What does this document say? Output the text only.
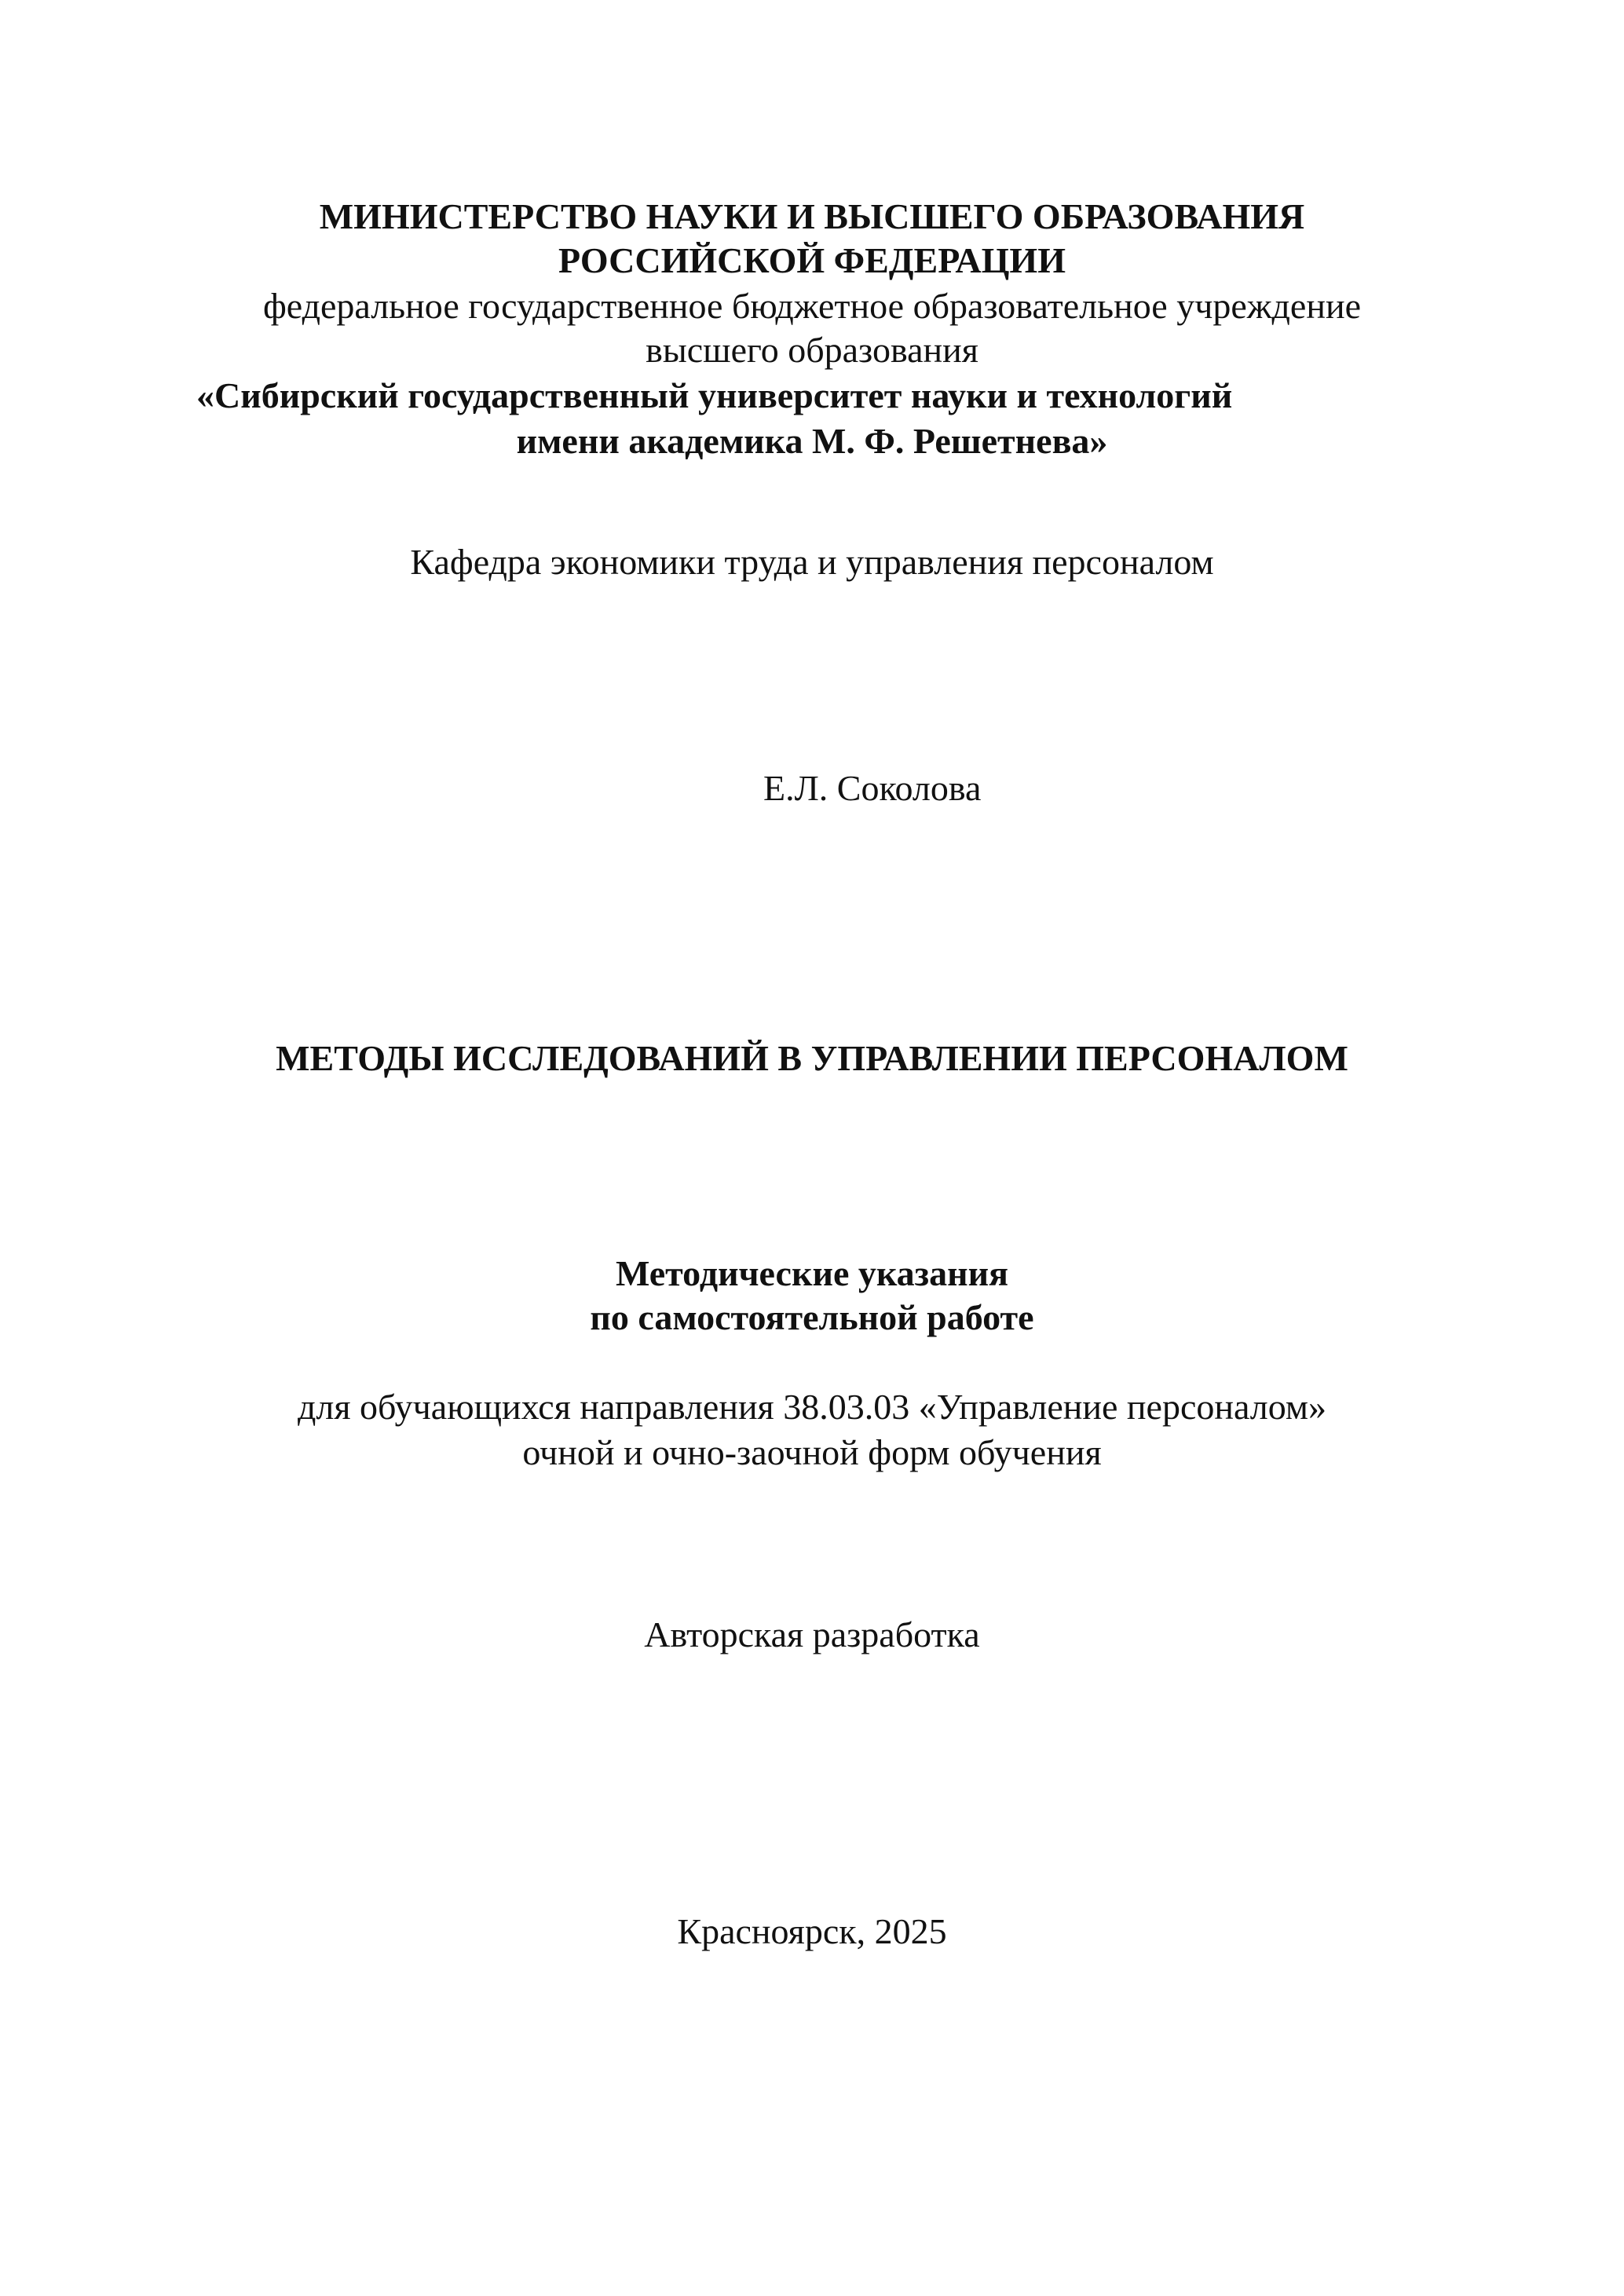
МИНИСТЕРСТВО НАУКИ И ВЫСШЕГО ОБРАЗОВАНИЯ
РОССИЙСКОЙ ФЕДЕРАЦИИ
федеральное государственное бюджетное образовательное учреждение
высшего образования
«Сибирский государственный университет науки и технологий
имени академика М. Ф. Решетнева»
Кафедра экономики труда и управления персоналом
Е.Л. Соколова
МЕТОДЫ ИССЛЕДОВАНИЙ В УПРАВЛЕНИИ ПЕРСОНАЛОМ
Методические указания
по самостоятельной работе
для обучающихся направления 38.03.03 «Управление персоналом»
очной и очно-заочной форм обучения
Авторская разработка
Красноярск, 2025
